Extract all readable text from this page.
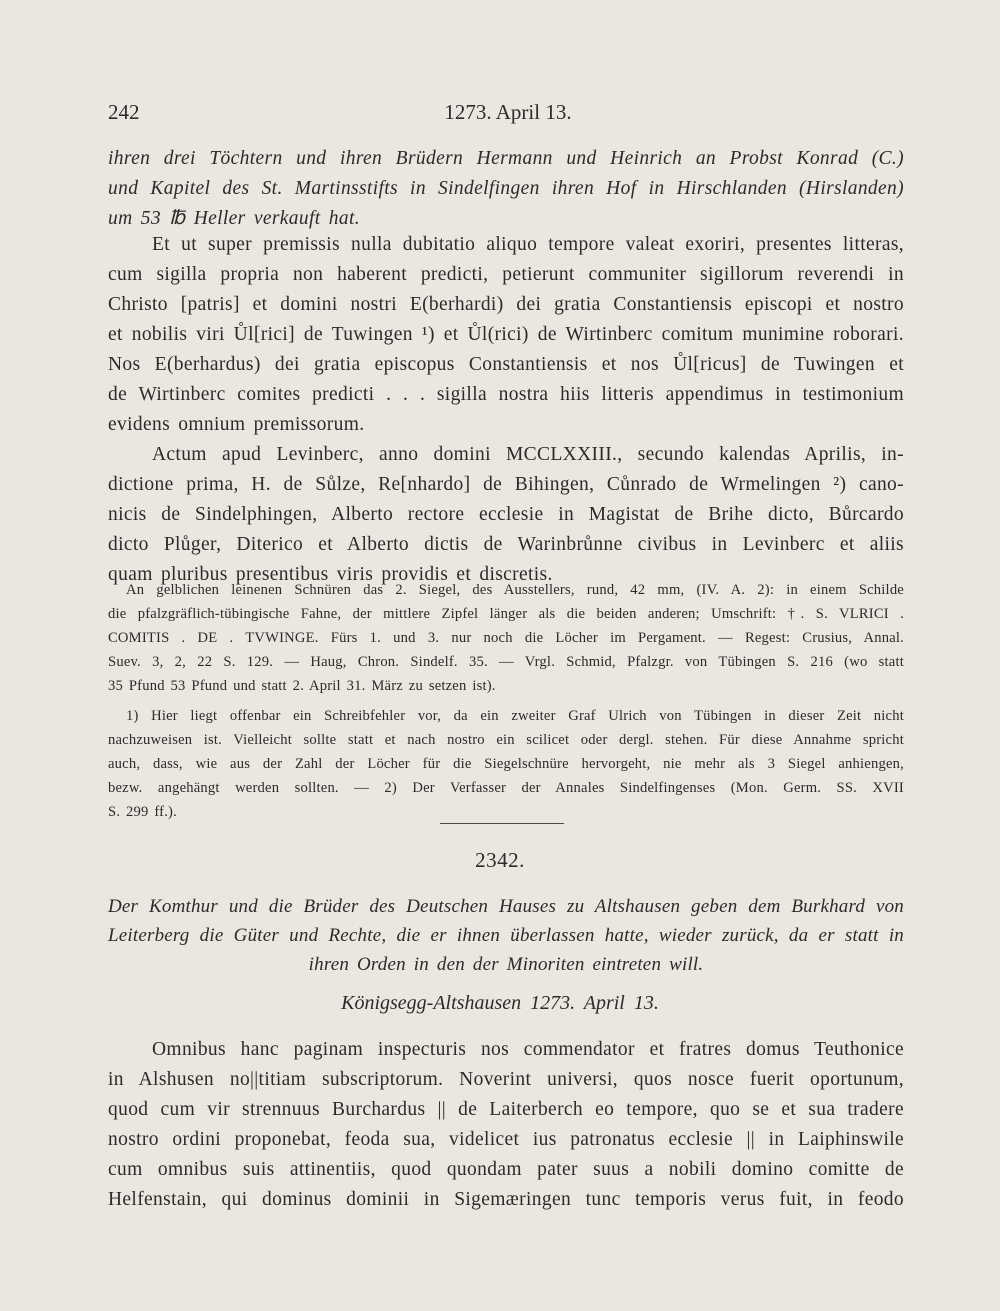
242	1273. April 13.
ihren drei Töchtern und ihren Brüdern Hermann und Heinrich an Probst Konrad (C.)
und Kapitel des St. Martinsstifts in Sindelfingen ihren Hof in Hirschlanden (Hirslanden)
um 53 ℔ Heller verkauft hat.
Et ut super premissis nulla dubitatio aliquo tempore valeat exoriri, presentes litteras,
cum sigilla propria non haberent predicti, petierunt communiter sigillorum reverendi in
Christo [patris] et domini nostri E(berhardi) dei gratia Constantiensis episcopi et nostro
et nobilis viri Ůl[rici] de Tuwingen ¹) et Ůl(rici) de Wirtinberc comitum munimine roborari.
Nos E(berhardus) dei gratia episcopus Constantiensis et nos Ůl[ricus] de Tuwingen et
de Wirtinberc comites predicti . . . sigilla nostra hiis litteris appendimus in testimonium
evidens omnium premissorum.
Actum apud Levinberc, anno domini MCCLXXIII., secundo kalendas Aprilis, in-
dictione prima, H. de Sůlze, Re[nhardo] de Bihingen, Cůnrado de Wrmelingen ²) cano-
nicis de Sindelphingen, Alberto rectore ecclesie in Magistat de Brihe dicto, Bůrcardo
dicto Plůger, Diterico et Alberto dictis de Warinbrůnne civibus in Levinberc et aliis
quam pluribus presentibus viris providis et discretis.
An gelblichen leinenen Schnüren das 2. Siegel, des Ausstellers, rund, 42 mm, (IV. A. 2): in einem Schilde
die pfalzgräflich-tübingische Fahne, der mittlere Zipfel länger als die beiden anderen; Umschrift: †. S. VLRICI .
COMITIS . DE . TVWINGE. Fürs 1. und 3. nur noch die Löcher im Pergament. — Regest: Crusius, Annal.
Suev. 3, 2, 22 S. 129. — Haug, Chron. Sindelf. 35. — Vrgl. Schmid, Pfalzgr. von Tübingen S. 216 (wo statt
35 Pfund 53 Pfund und statt 2. April 31. März zu setzen ist).
1) Hier liegt offenbar ein Schreibfehler vor, da ein zweiter Graf Ulrich von Tübingen in dieser Zeit nicht
nachzuweisen ist. Vielleicht sollte statt et nach nostro ein scilicet oder dergl. stehen. Für diese Annahme spricht
auch, dass, wie aus der Zahl der Löcher für die Siegelschnüre hervorgeht, nie mehr als 3 Siegel anhiengen,
bezw. angehängt werden sollten. — 2) Der Verfasser der Annales Sindelfingenses (Mon. Germ. SS. XVII
S. 299 ff.).
2342.
Der Komthur und die Brüder des Deutschen Hauses zu Altshausen geben dem Burkhard von
Leiterberg die Güter und Rechte, die er ihnen überlassen hatte, wieder zurück, da er statt in
ihren Orden in den der Minoriten eintreten will.
Königsegg-Altshausen 1273. April 13.
Omnibus hanc paginam inspecturis nos commendator et fratres domus Teuthonice
in Alshusen no||titiam subscriptorum. Noverint universi, quos nosce fuerit oportunum,
quod cum vir strennuus Burchardus || de Laiterberch eo tempore, quo se et sua tradere
nostro ordini proponebat, feoda sua, videlicet ius patronatus ecclesie || in Laiphinswile
cum omnibus suis attinentiis, quod quondam pater suus a nobili domino comitte de
Helfenstain, qui dominus dominii in Sigemæringen tunc temporis verus fuit, in feodo
